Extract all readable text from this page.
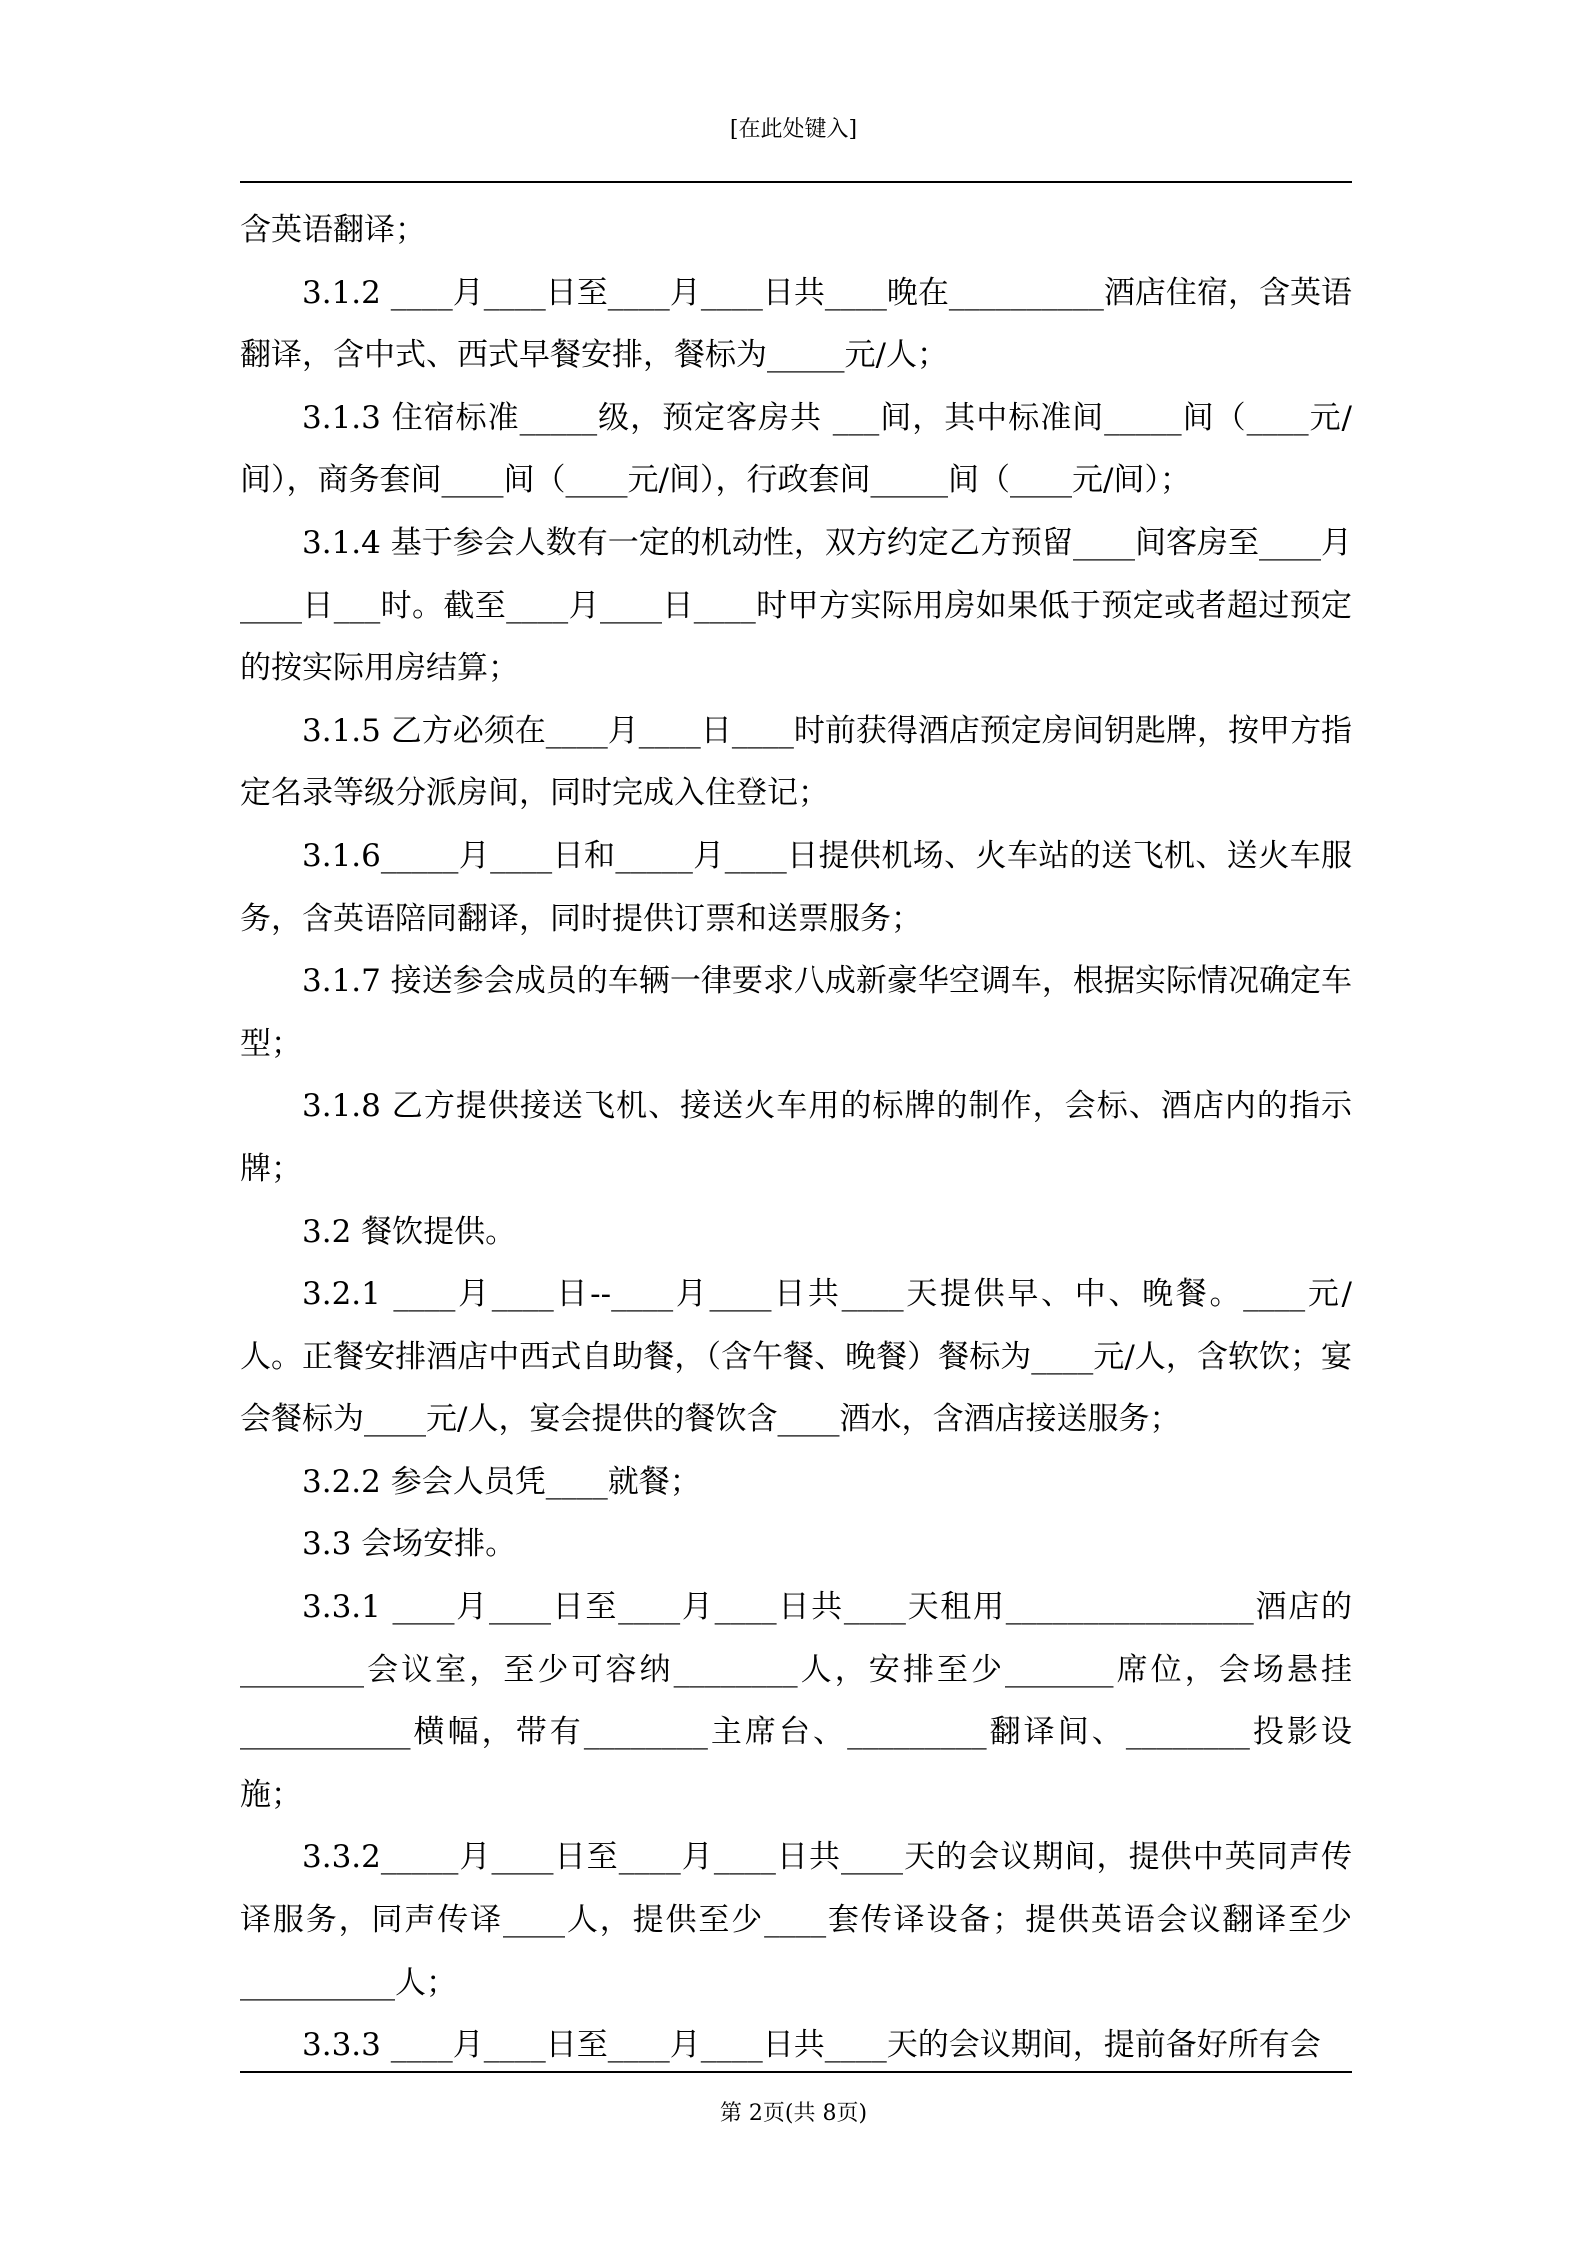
[在此处键入]

含英语翻译；

3.1.2 ____月____日至____月____日共____晚在__________酒店住宿，含英语翻译，含中式、西式早餐安排，餐标为_____元/人；

3.1.3 住宿标准_____级，预定客房共 ___间，其中标准间_____间（____元/间），商务套间____间（____元/间），行政套间_____间（____元/间）；

3.1.4 基于参会人数有一定的机动性，双方约定乙方预留____间客房至____月____日___时。截至____月____日____时甲方实际用房如果低于预定或者超过预定的按实际用房结算；

3.1.5 乙方必须在____月____日____时前获得酒店预定房间钥匙牌，按甲方指定名录等级分派房间，同时完成入住登记；

3.1.6_____月____日和_____月____日提供机场、火车站的送飞机、送火车服务，含英语陪同翻译，同时提供订票和送票服务；

3.1.7 接送参会成员的车辆一律要求八成新豪华空调车，根据实际情况确定车型；

3.1.8 乙方提供接送飞机、接送火车用的标牌的制作，会标、酒店内的指示牌；

3.2 餐饮提供。

3.2.1 ____月____日--____月____日共____天提供早、中、晚餐。____元/人。正餐安排酒店中西式自助餐，（含午餐、晚餐）餐标为____元/人，含软饮；宴会餐标为____元/人，宴会提供的餐饮含____酒水，含酒店接送服务；

3.2.2 参会人员凭____就餐；

3.3 会场安排。

3.3.1 ____月____日至____月____日共____天租用________________酒店的________会议室，至少可容纳________人，安排至少_______席位，会场悬挂___________横幅，带有________主席台、_________翻译间、________投影设施；

3.3.2_____月____日至____月____日共____天的会议期间，提供中英同声传译服务，同声传译____人，提供至少____套传译设备；提供英语会议翻译至少__________人；

3.3.3 ____月____日至____月____日共____天的会议期间，提前备好所有会

第 2页(共 8页)
